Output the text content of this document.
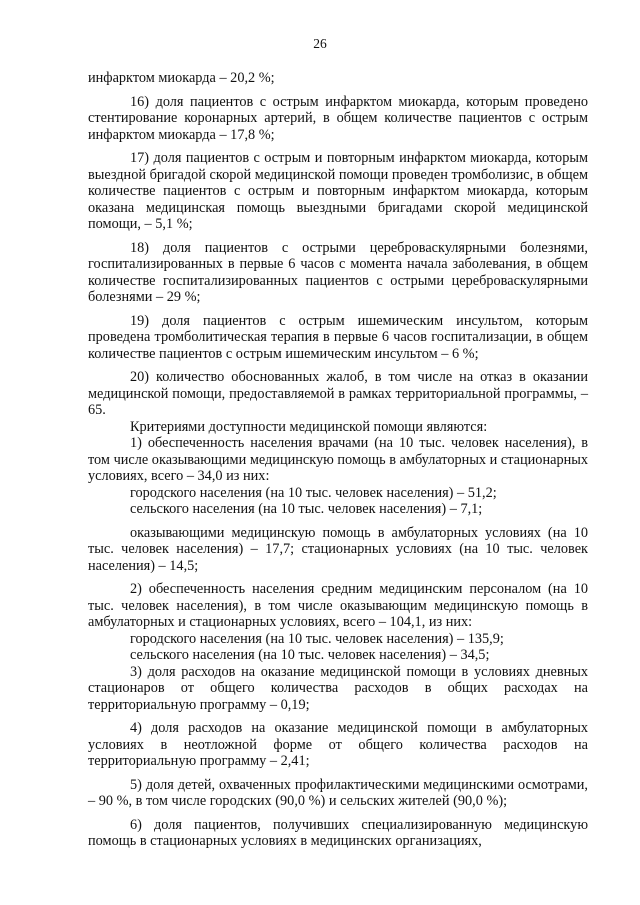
26

инфарктом миокарда – 20,2 %;

16) доля пациентов с острым инфарктом миокарда, которым проведено стентирование коронарных артерий, в общем количестве пациентов с острым инфарктом миокарда – 17,8 %;

17) доля пациентов с острым и повторным инфарктом миокарда, которым выездной бригадой скорой медицинской помощи проведен тромболизис, в общем количестве пациентов с острым и повторным инфарктом миокарда, которым оказана медицинская помощь выездными бригадами скорой медицинской помощи, – 5,1 %;

18) доля пациентов с острыми цереброваскулярными болезнями, госпитализированных в первые 6 часов с момента начала заболевания, в общем количестве госпитализированных пациентов с острыми цереброваскулярными болезнями – 29 %;

19) доля пациентов с острым ишемическим инсультом, которым проведена тромболитическая терапия в первые 6 часов госпитализации, в общем количестве пациентов с острым ишемическим инсультом – 6 %;

20) количество обоснованных жалоб, в том числе на отказ в оказании медицинской помощи, предоставляемой в рамках территориальной программы, – 65.

Критериями доступности медицинской помощи являются:

1) обеспеченность населения врачами (на 10 тыс. человек населения), в том числе оказывающими медицинскую помощь в амбулаторных и стационарных условиях, всего – 34,0 из них:

городского населения (на 10 тыс. человек населения) – 51,2;

сельского населения (на 10 тыс. человек населения) – 7,1;

оказывающими медицинскую помощь в амбулаторных условиях (на 10 тыс. человек населения) – 17,7; стационарных условиях (на 10 тыс. человек населения) – 14,5;

2) обеспеченность населения средним медицинским персоналом (на 10 тыс. человек населения), в том числе оказывающим медицинскую помощь в амбулаторных и стационарных условиях, всего – 104,1, из них:

городского населения (на 10 тыс. человек населения) – 135,9;

сельского населения (на 10 тыс. человек населения) – 34,5;

3) доля расходов на оказание медицинской помощи в условиях дневных стационаров от общего количества расходов в общих расходах на территориальную программу – 0,19;

4) доля расходов на оказание медицинской помощи в амбулаторных условиях в неотложной форме от общего количества расходов на территориальную программу – 2,41;

5) доля детей, охваченных профилактическими медицинскими осмотрами, – 90 %, в том числе городских (90,0 %) и сельских жителей (90,0 %);

6) доля пациентов, получивших специализированную медицинскую помощь в стационарных условиях в медицинских организациях,
